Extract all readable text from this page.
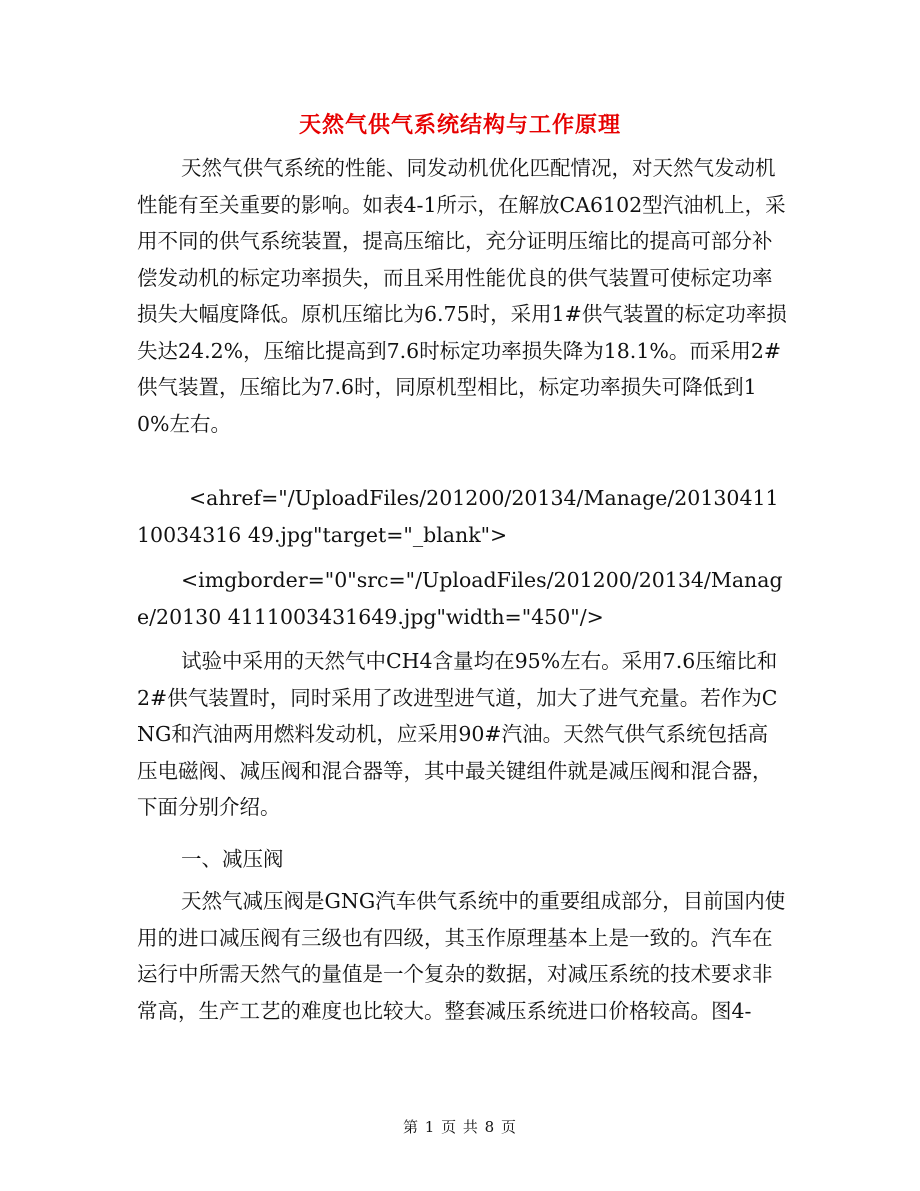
天然气供气系统结构与工作原理

天然气供气系统的性能、同发动机优化匹配情况，对天然气发动机性能有至关重要的影响。如表4-1所示，在解放CA6102型汽油机上，采用不同的供气系统装置，提高压缩比，充分证明压缩比的提高可部分补偿发动机的标定功率损失，而且采用性能优良的供气装置可使标定功率损失大幅度降低。原机压缩比为6.75时，采用1#供气装置的标定功率损失达24.2%，压缩比提高到7.6时标定功率损失降为18.1%。而采用2#供气装置，压缩比为7.6时，同原机型相比，标定功率损失可降低到10%左右。

<ahref="/UploadFiles/201200/20134/Manage/2013041110034316 49.jpg"target="_blank">

<imgborder="0"src="/UploadFiles/201200/20134/Manage/20130 4111003431649.jpg"width="450"/>

试验中采用的天然气中CH4含量均在95%左右。采用7.6压缩比和2#供气装置时，同时采用了改进型进气道，加大了进气充量。若作为CNG和汽油两用燃料发动机，应采用90#汽油。天然气供气系统包括高压电磁阀、减压阀和混合器等，其中最关键组件就是减压阀和混合器，下面分别介绍。

一、减压阀

天然气减压阀是GNG汽车供气系统中的重要组成部分，目前国内使用的进口减压阀有三级也有四级，其玉作原理基本上是一致的。汽车在运行中所需天然气的量值是一个复杂的数据，对减压系统的技术要求非常高，生产工艺的难度也比较大。整套减压系统进口价格较高。图4-

第 1 页 共 8 页
